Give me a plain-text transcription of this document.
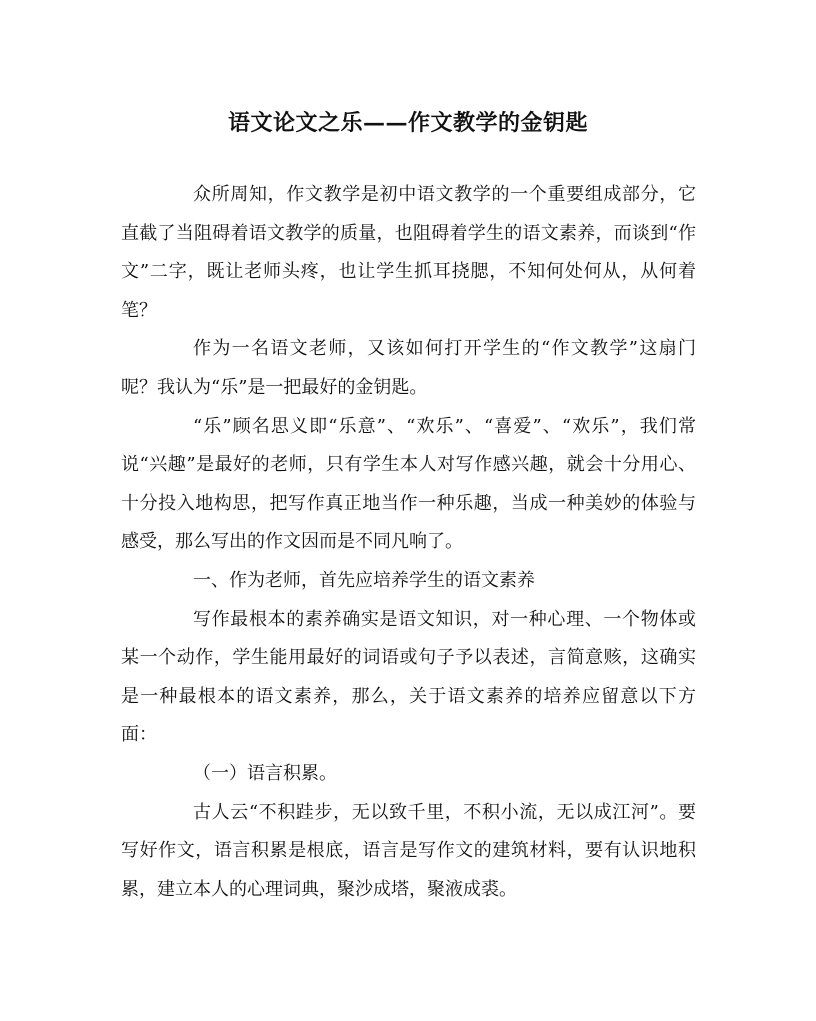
语文论文之乐——作文教学的金钥匙

众所周知，作文教学是初中语文教学的一个重要组成部分，它直截了当阻碍着语文教学的质量，也阻碍着学生的语文素养，而谈到“作文”二字，既让老师头疼，也让学生抓耳挠腮，不知何处何从，从何着笔？

作为一名语文老师，又该如何打开学生的“作文教学”这扇门呢？我认为“乐”是一把最好的金钥匙。

“乐”顾名思义即“乐意”、“欢乐”、“喜爱”、“欢乐”，我们常说“兴趣”是最好的老师，只有学生本人对写作感兴趣，就会十分用心、十分投入地构思，把写作真正地当作一种乐趣，当成一种美妙的体验与感受，那么写出的作文因而是不同凡响了。

一、作为老师，首先应培养学生的语文素养

写作最根本的素养确实是语文知识，对一种心理、一个物体或某一个动作，学生能用最好的词语或句子予以表述，言简意赅，这确实是一种最根本的语文素养，那么，关于语文素养的培养应留意以下方面：

（一）语言积累。

古人云“不积跬步，无以致千里，不积小流，无以成江河”。要写好作文，语言积累是根底，语言是写作文的建筑材料，要有认识地积累，建立本人的心理词典，聚沙成塔，聚液成裘。
